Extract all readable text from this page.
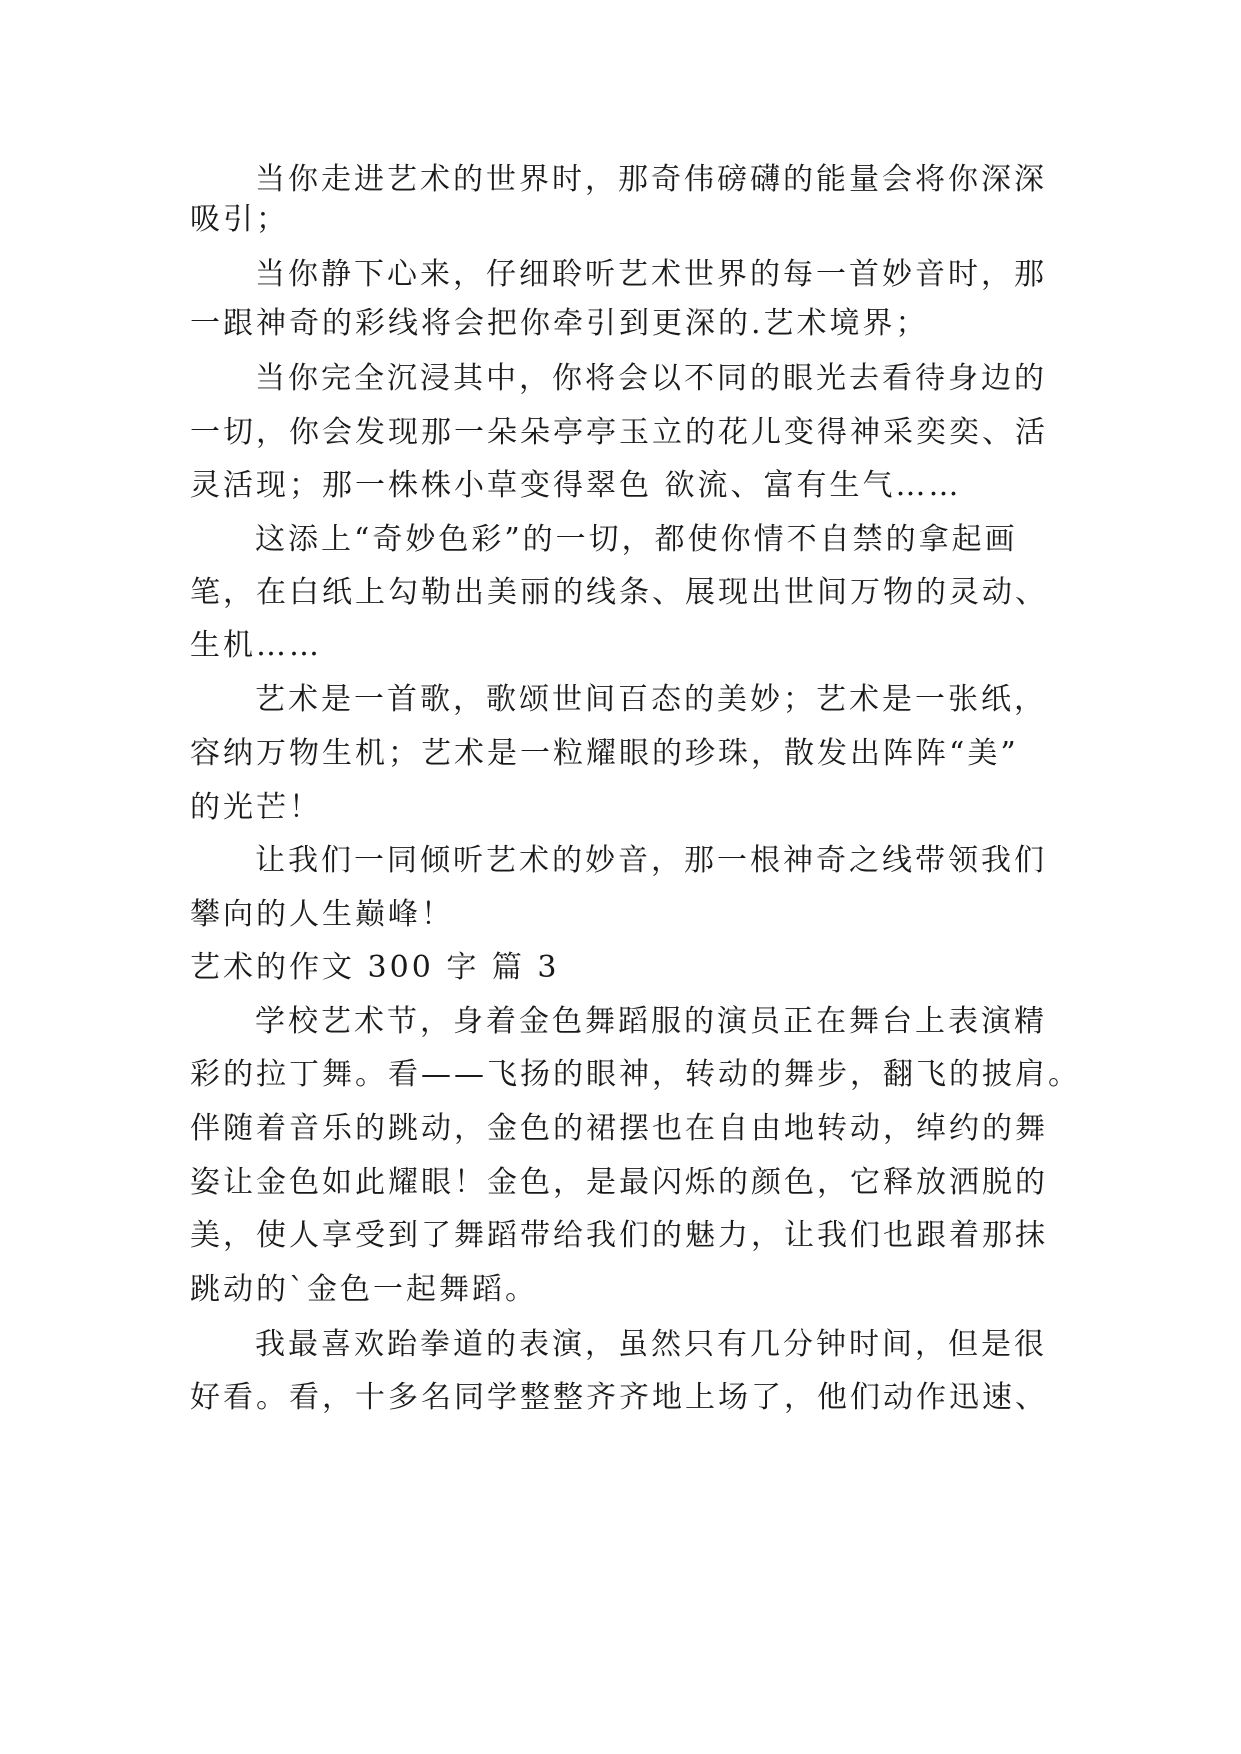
当你走进艺术的世界时，那奇伟磅礴的能量会将你深深
吸引；
当你静下心来，仔细聆听艺术世界的每一首妙音时，那
一跟神奇的彩线将会把你牵引到更深的.艺术境界；
当你完全沉浸其中，你将会以不同的眼光去看待身边的
一切，你会发现那一朵朵亭亭玉立的花儿变得神采奕奕、活
灵活现；那一株株小草变得翠色 欲流、富有生气……
这添上“奇妙色彩”的一切，都使你情不自禁的拿起画
笔，在白纸上勾勒出美丽的线条、展现出世间万物的灵动、
生机……
艺术是一首歌，歌颂世间百态的美妙；艺术是一张纸，
容纳万物生机；艺术是一粒耀眼的珍珠，散发出阵阵“美”
的光芒！
让我们一同倾听艺术的妙音，那一根神奇之线带领我们
攀向的人生巅峰！
艺术的作文 300 字 篇 3
学校艺术节，身着金色舞蹈服的演员正在舞台上表演精
彩的拉丁舞。看——飞扬的眼神，转动的舞步，翻飞的披肩。
伴随着音乐的跳动，金色的裙摆也在自由地转动，绰约的舞
姿让金色如此耀眼！金色，是最闪烁的颜色，它释放洒脱的
美，使人享受到了舞蹈带给我们的魅力，让我们也跟着那抹
跳动的`金色一起舞蹈。
我最喜欢跆拳道的表演，虽然只有几分钟时间，但是很
好看。看，十多名同学整整齐齐地上场了，他们动作迅速、
